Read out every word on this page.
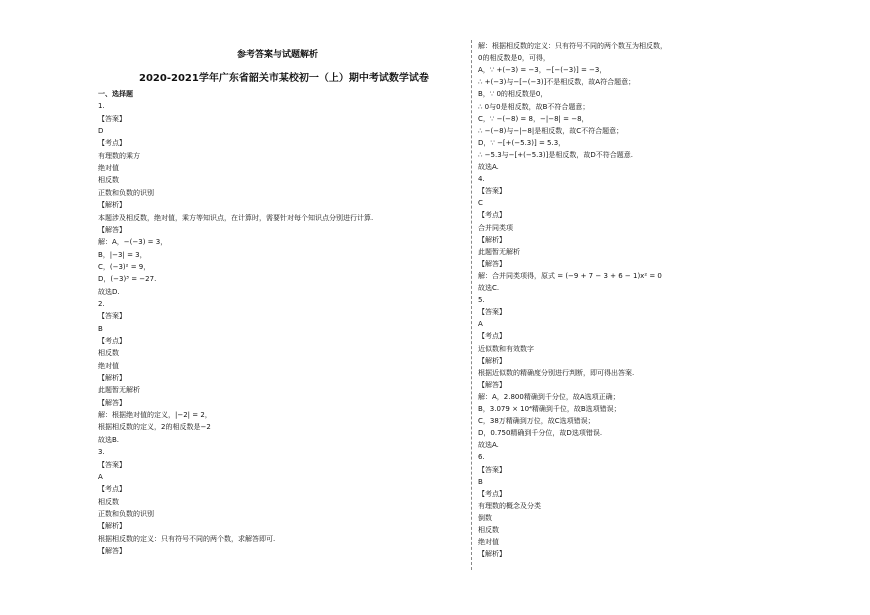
参考答案与试题解析
2020-2021学年广东省韶关市某校初一（上）期中考试数学试卷
一、选择题
1.
【答案】
D
【考点】
有理数的乘方
绝对值
相反数
正数和负数的识别
【解析】
本题涉及相反数，绝对值，乘方等知识点，在计算时，需要针对每个知识点分别进行计算.
【解答】
解：A，−(−3) = 3，
B，|−3| = 3，
C，(−3)² = 9，
D，(−3)³ = −27.
故选D.
2.
【答案】
B
【考点】
相反数
绝对值
【解析】
此题暂无解析
【解答】
解：根据绝对值的定义，|−2| = 2，
根据相反数的定义，2的相反数是−2
故选B.
3.
【答案】
A
【考点】
相反数
正数和负数的识别
【解析】
根据相反数的定义：只有符号不同的两个数，求解答即可.
【解答】
解：根据相反数的定义：只有符号不同的两个数互为相反数，
0的相反数是0，可得，
A，∵ +(−3) = −3，−[−(−3)] = −3，
∴ +(−3)与−[−(−3)]不是相反数，故A符合题意；
B，∵ 0的相反数是0，
∴ 0与0是相反数，故B不符合题意；
C，∵ −(−8) = 8，−|−8| = −8，
∴ −(−8)与−|−8|是相反数，故C不符合题意；
D，∵ −[+(−5.3)] = 5.3，
∴ −5.3与−[+(−5.3)]是相反数，故D不符合题意.
故选A.
4.
【答案】
C
【考点】
合并同类项
【解析】
此题暂无解析
【解答】
解：合并同类项得，原式 = (−9 + 7 − 3 + 6 − 1)x² = 0
故选C.
5.
【答案】
A
【考点】
近似数和有效数字
【解析】
根据近似数的精确度分别进行判断，即可得出答案.
【解答】
解：A，2.800精确到千分位，故A选项正确；
B，3.079 × 10⁴精确到千位，故B选项错误；
C，38万精确到万位，故C选项错误；
D，0.750精确到千分位，故D选项错误.
故选A.
6.
【答案】
B
【考点】
有理数的概念及分类
倒数
相反数
绝对值
【解析】
